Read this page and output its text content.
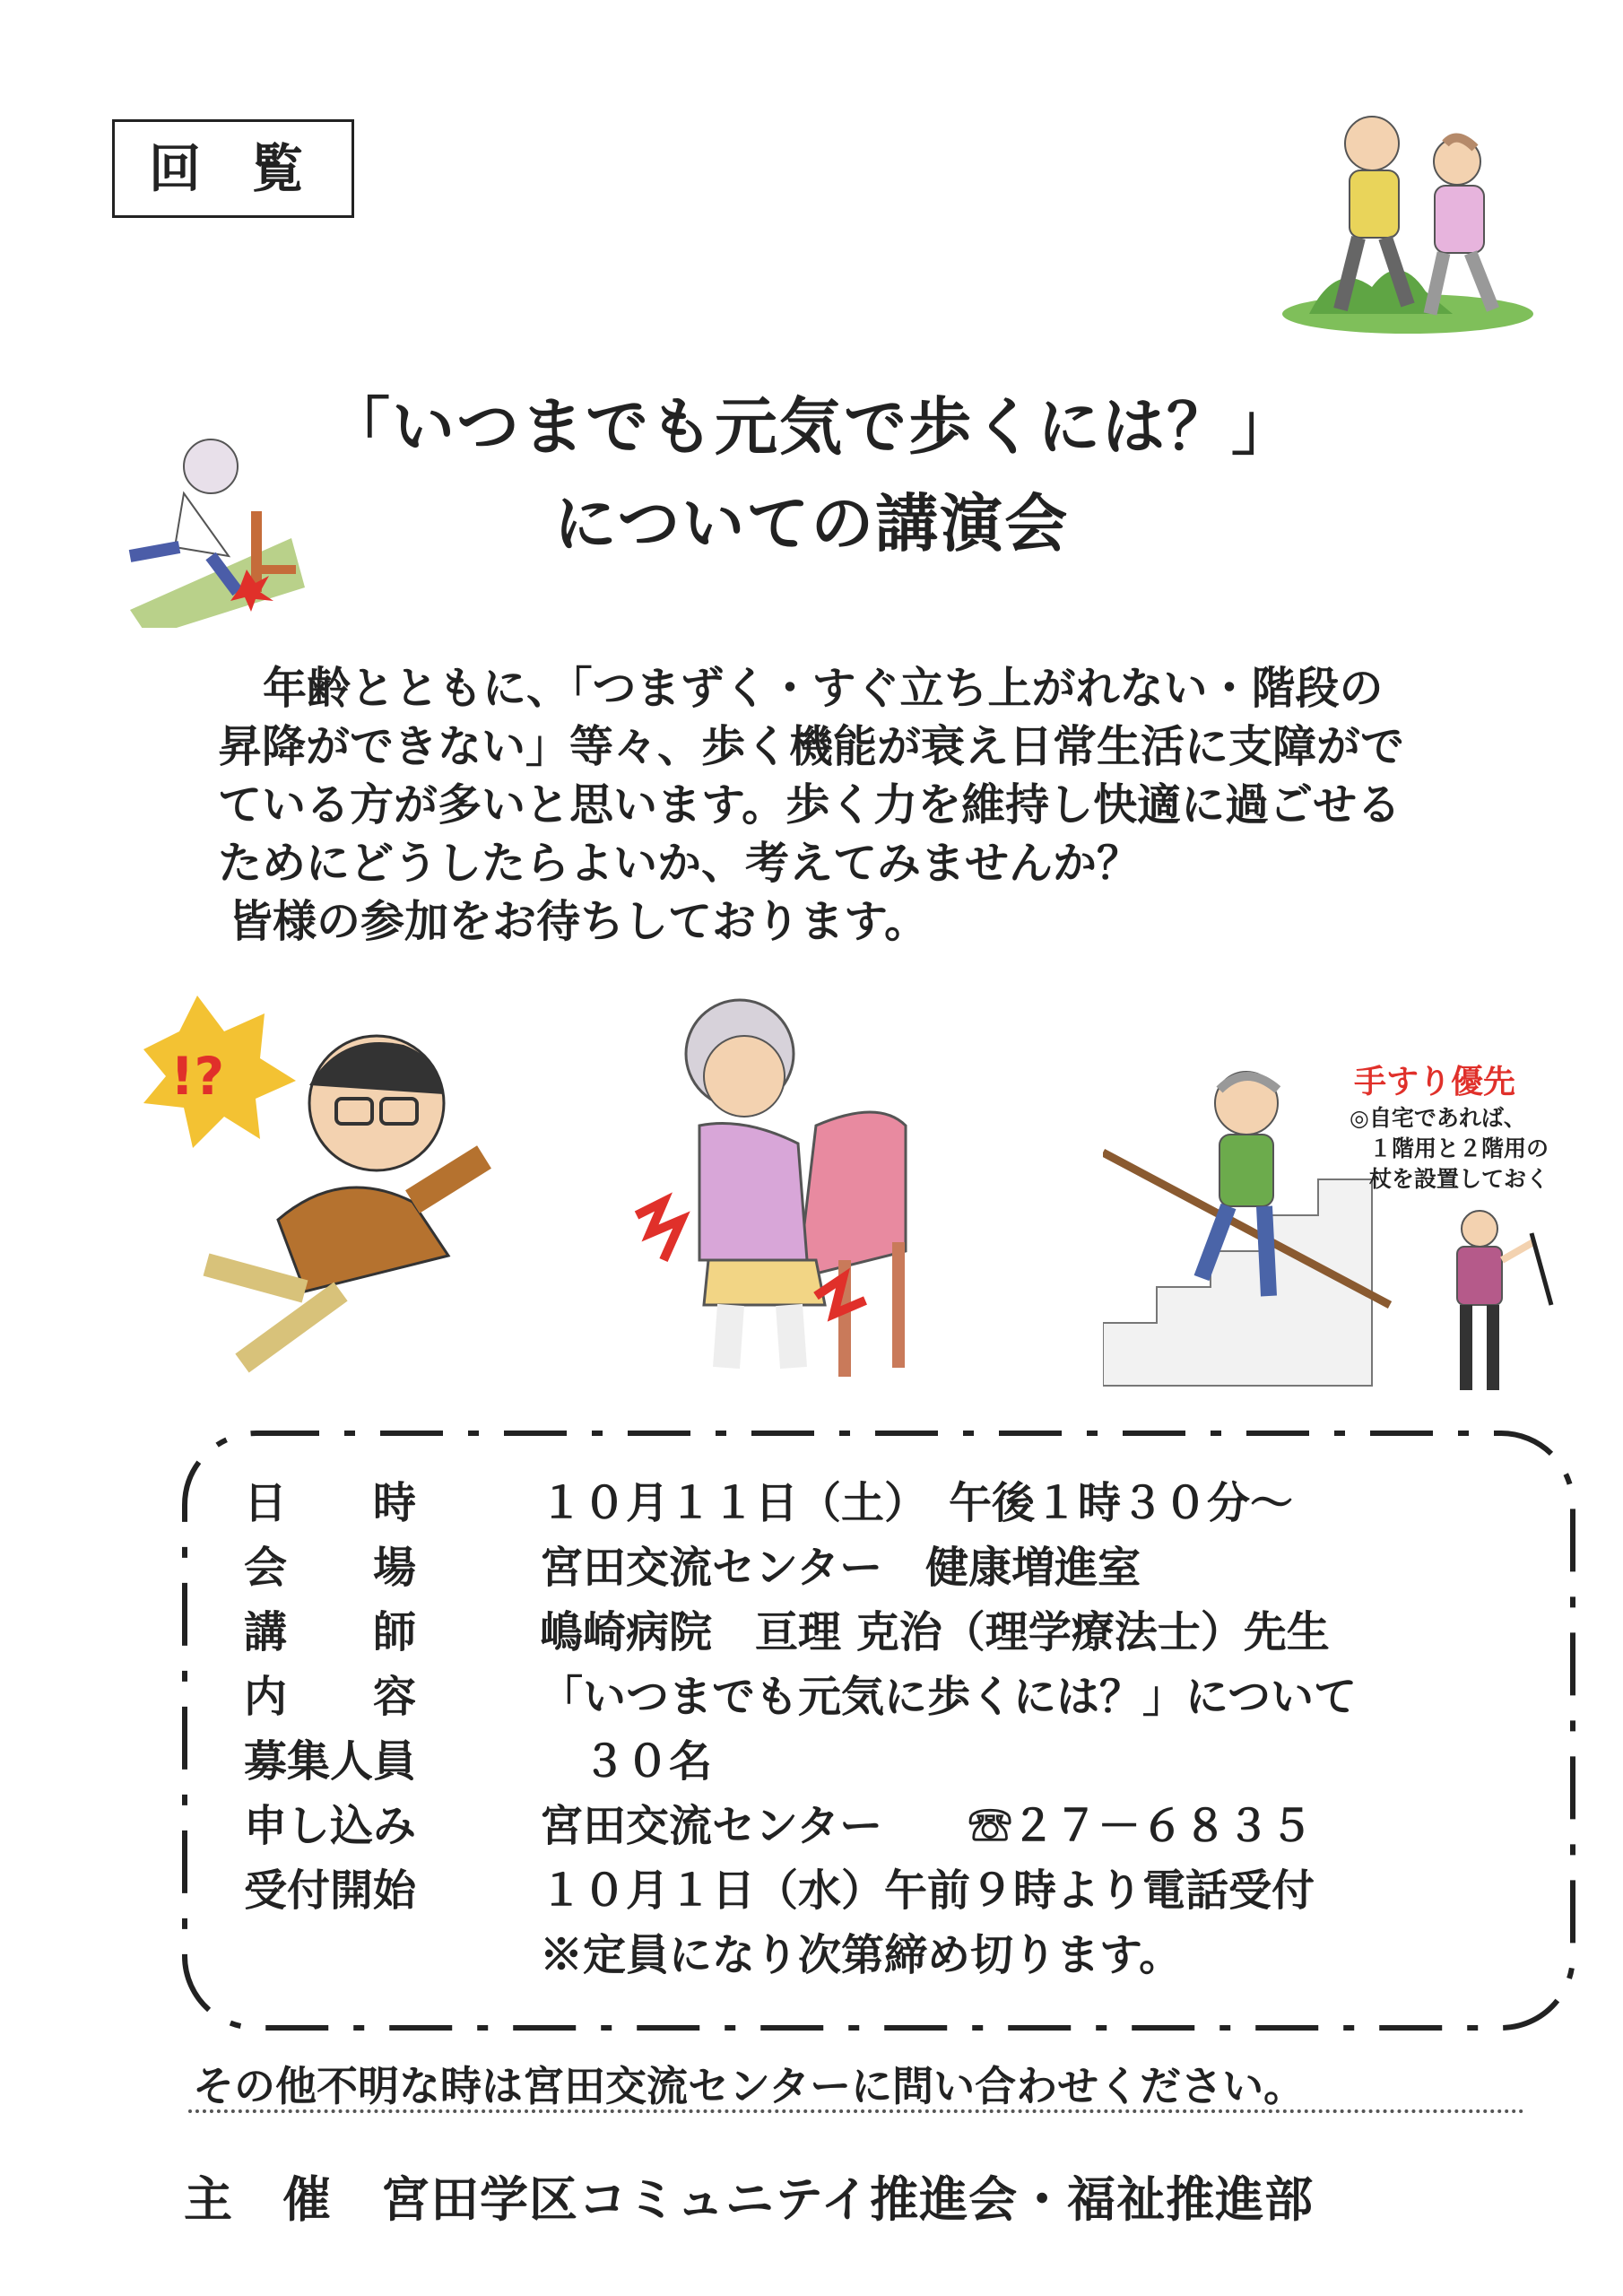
回 覧
「いつまでも元気で歩くには？」
についての講演会
年齢とともに、「つまずく・すぐ立ち上がれない・階段の
昇降ができない」等々、歩く機能が衰え日常生活に支障がで
ている方が多いと思います。歩く力を維持し快適に過ごせる
ためにどうしたらよいか、考えてみませんか？
皆様の参加をお待ちしております。
!?	手すり優先
◎自宅であれば、
１階用と２階用の
杖を設置しておく
日　　時	１０月１１日（土）　午後１時３０分～
会　　場	宮田交流センター　健康増進室
講　　師	嶋崎病院　亘理 克治（理学療法士）先生
内　　容	「いつまでも元気に歩くには？」について
募集人員	　３０名
申し込み	宮田交流センター　　☏２７－６８３５
受付開始	１０月１日（水）午前９時より電話受付
※定員になり次第締め切ります。
その他不明な時は宮田交流センターに問い合わせください。
主　催　宮田学区コミュニテイ推進会・福祉推進部
